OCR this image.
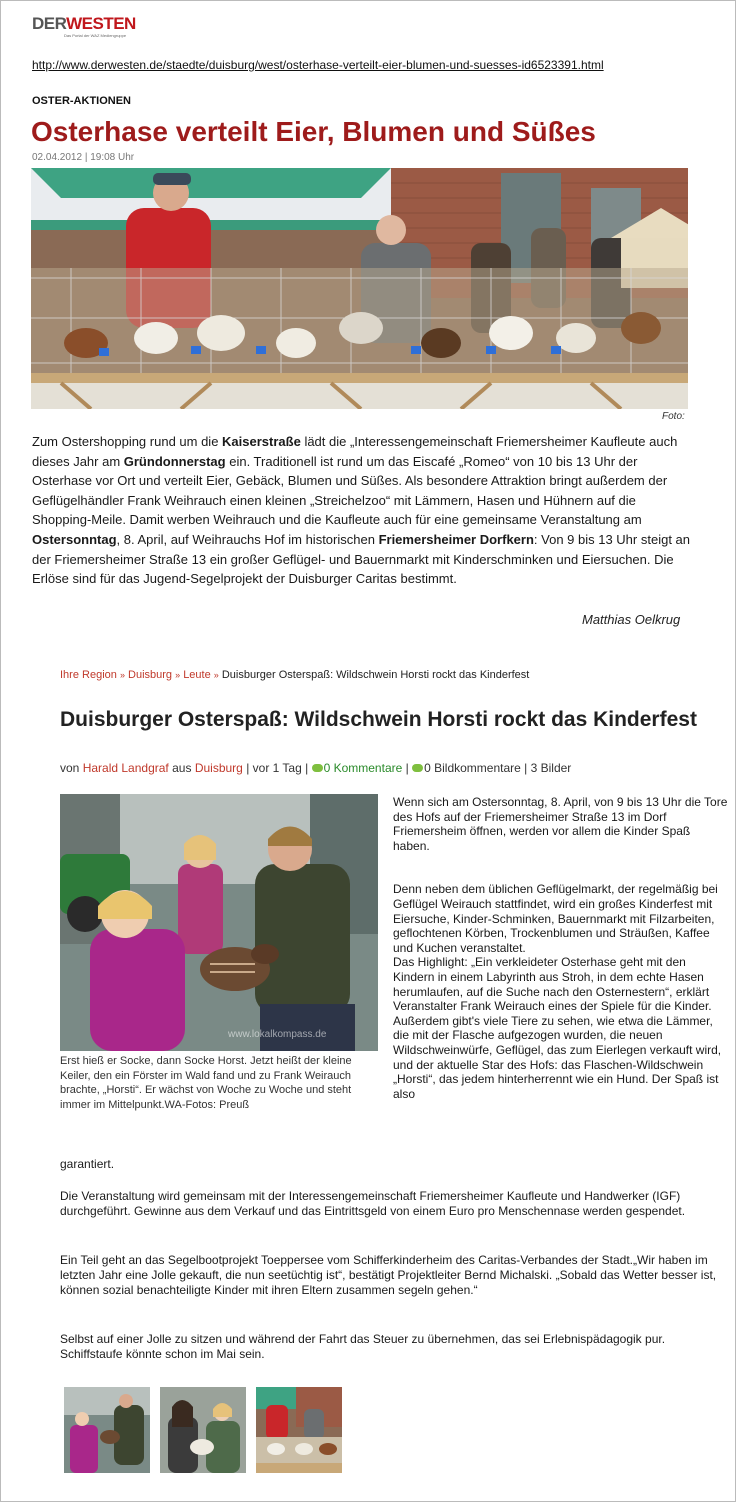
DERWESTEN
Das Portal der WAZ Mediengruppe
http://www.derwesten.de/staedte/duisburg/west/osterhase-verteilt-eier-blumen-und-suesses-id6523391.html
OSTER-AKTIONEN
Osterhase verteilt Eier, Blumen und Süßes
02.04.2012 | 19:08 Uhr
Foto:
Zum Ostershopping rund um die Kaiserstraße lädt die „Interessengemeinschaft Friemersheimer Kaufleute auch dieses Jahr am Gründonnerstag ein. Traditionell ist rund um das Eiscafé „Romeo“ von 10 bis 13 Uhr der Osterhase vor Ort und verteilt Eier, Gebäck, Blumen und Süßes. Als besondere Attraktion bringt außerdem der Geflügelhändler Frank Weihrauch einen kleinen „Streichelzoo“ mit Lämmern, Hasen und Hühnern auf die Shopping-Meile. Damit werben Weihrauch und die Kaufleute auch für eine gemeinsame Veranstaltung am Ostersonntag, 8. April, auf Weihrauchs Hof im historischen Friemersheimer Dorfkern: Von 9 bis 13 Uhr steigt an der Friemersheimer Straße 13 ein großer Geflügel- und Bauernmarkt mit Kinderschminken und Eiersuchen. Die Erlöse sind für das Jugend-Segelprojekt der Duisburger Caritas bestimmt.
Matthias Oelkrug
Ihre Region » Duisburg » Leute » Duisburger Osterspaß: Wildschwein Horsti rockt das Kinderfest
Duisburger Osterspaß: Wildschwein Horsti rockt das Kinderfest
von Harald Landgraf aus Duisburg | vor 1 Tag | 0 Kommentare | 0 Bildkommentare | 3 Bilder
www.lokalkompass.de
Erst hieß er Socke, dann Socke Horst. Jetzt heißt der kleine Keiler, den ein Förster im Wald fand und zu Frank Weirauch brachte, „Horsti“. Er wächst von Woche zu Woche und steht immer im Mittelpunkt.WA-Fotos: Preuß

Wenn sich am Ostersonntag, 8. April, von 9 bis 13 Uhr die Tore des Hofs auf der Friemersheimer Straße 13 im Dorf Friemersheim öffnen, werden vor allem die Kinder Spaß haben.

Denn neben dem üblichen Geflügelmarkt, der regelmäßig bei Geflügel Weirauch stattfindet, wird ein großes Kinderfest mit Eiersuche, Kinder-Schminken, Bauernmarkt mit Filzarbeiten, geflochtenen Körben, Trockenblumen und Sträußen, Kaffee und Kuchen veranstaltet.

Das Highlight: „Ein verkleideter Osterhase geht mit den Kindern in einem Labyrinth aus Stroh, in dem echte Hasen herumlaufen, auf die Suche nach den Osternestern“, erklärt Veranstalter Frank Weirauch eines der Spiele für die Kinder. Außerdem gibt's viele Tiere zu sehen, wie etwa die Lämmer, die mit der Flasche aufgezogen wurden, die neuen Wildschweinwürfe, Geflügel, das zum Eierlegen verkauft wird, und der aktuelle Star des Hofs: das Flaschen-Wildschwein „Horsti“, das jedem hinterherrennt wie ein Hund. Der Spaß ist also

garantiert.

Die Veranstaltung wird gemeinsam mit der Interessengemeinschaft Friemersheimer Kaufleute und Handwerker (IGF) durchgeführt. Gewinne aus dem Verkauf und das Eintrittsgeld von einem Euro pro Menschennase werden gespendet.

Ein Teil geht an das Segelbootprojekt Toeppersee vom Schifferkinderheim des Caritas-Verbandes der Stadt.„Wir haben im letzten Jahr eine Jolle gekauft, die nun seetüchtig ist“, bestätigt Projektleiter Bernd Michalski. „Sobald das Wetter besser ist, können sozial benachteiligte Kinder mit ihren Eltern zusammen segeln gehen.“

Selbst auf einer Jolle zu sitzen und während der Fahrt das Steuer zu übernehmen, das sei Erlebnispädagogik pur. Schiffstaufe könnte schon im Mai sein.
